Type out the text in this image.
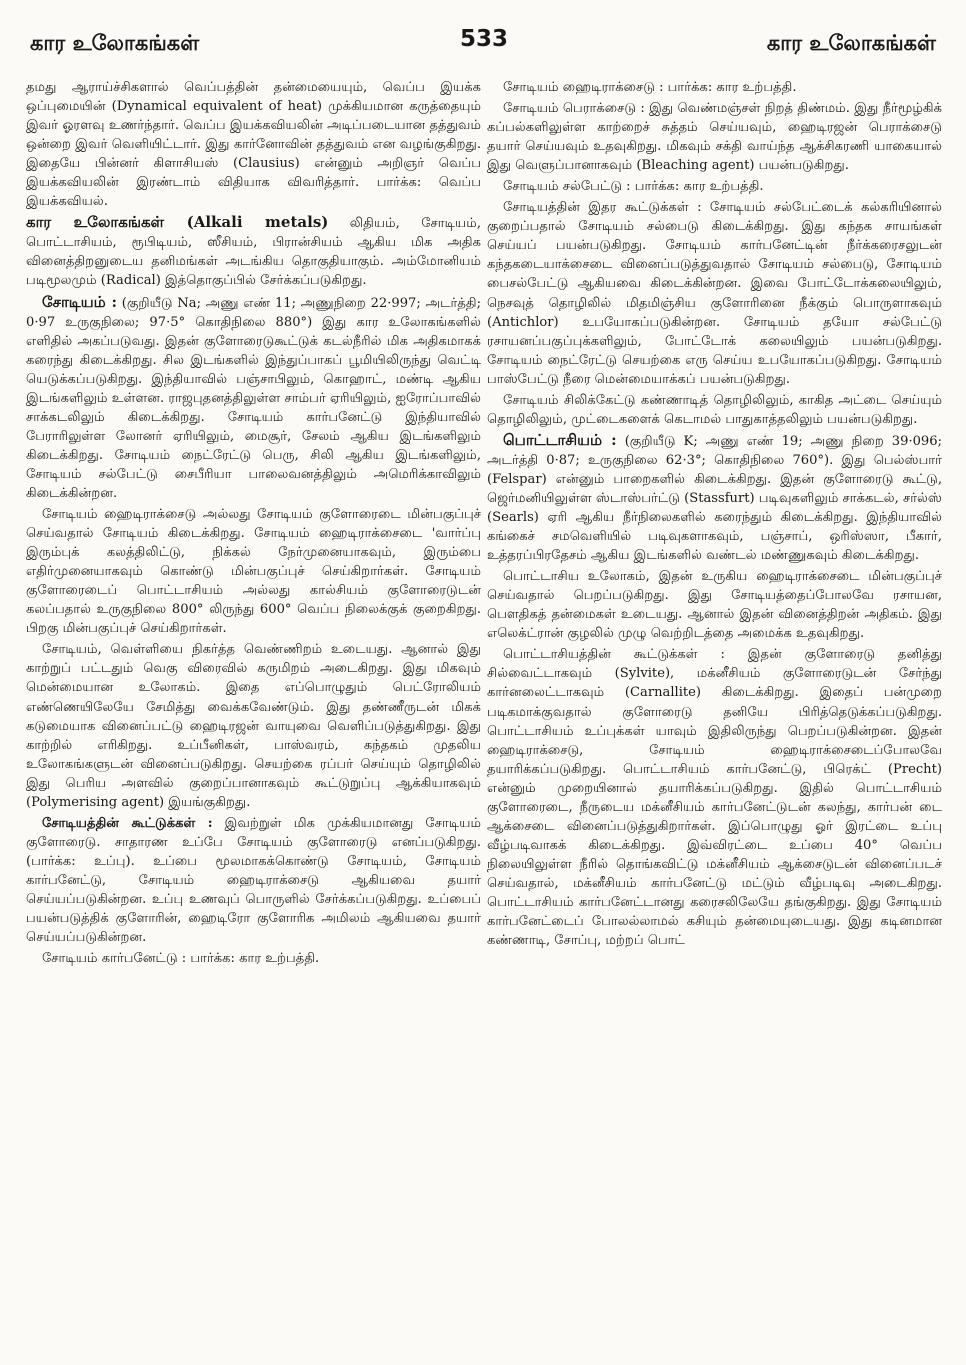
கார உலோகங்கள்	533	கார உலோகங்கள்

தமது ஆராய்ச்சிகளால் வெப்பத்தின் தன்மையையும், வெப்ப இயக்க ஒப்புமையின் (Dynamical equivalent of heat) முக்கியமான கருத்தையும் இவர் ஓரளவு உணர்ந்தார். வெப்ப இயக்கவியலின் அடிப்படையான தத்துவம் ஒன்றை இவர் வெளியிட்டார். இது கார்னோவின் தத்துவம் என வழங்குகிறது. இதையே பின்னர் கிளாசியஸ் (Clausius) என்னும் அறிஞர் வெப்ப இயக்கவியலின் இரண்டாம் விதியாக விவரித்தார். பார்க்க: வெப்ப இயக்கவியல்.

கார உலோகங்கள் (Alkali metals) லிதியம், சோடியம், பொட்டாசியம், ரூபிடியம், ஸீசியம், பிரான்சியம் ஆகிய மிக அதிக வினைத்திறனுடைய தனிமங்கள் அடங்கிய தொகுதியாகும். அம்மோனியம் படிமூலமும் (Radical) இத்தொகுப்பில் சேர்க்கப்படுகிறது.

சோடியம் : (குறியீடு Na; அணு எண் 11; அணுநிறை 22·997; அடர்த்தி; 0·97 உருகுநிலை; 97·5° கொதிநிலை 880°) இது கார உலோகங்களில் எளிதில் அகப்படுவது. இதன் குளோரைடுகூட்டுக் கடல்நீரில் மிக அதிகமாகக் கரைந்து கிடைக்கிறது. சில இடங்களில் இந்துப்பாகப் பூமியிலிருந்து வெட்டி யெடுக்கப்படுகிறது. இந்தியாவில் பஞ்சாபிலும், கொஹாட், மண்டி ஆகிய இடங்களிலும் உள்ளன. ராஜபுதனத்திலுள்ள சாம்பர் ஏரியிலும், ஐரோப்பாவில் சாக்கடலிலும் கிடைக்கிறது. சோடியம் கார்பனேட்டு இந்தியாவில் பேராரிலுள்ள லோனர் ஏரியிலும், மைசூர், சேலம் ஆகிய இடங்களிலும் கிடைக்கிறது. சோடியம் நைட்ரேட்டு பெரு, சிலி ஆகிய இடங்களிலும், சோடியம் சல்பேட்டு சைபீரியா பாலைவனத்திலும் அமெரிக்காவிலும் கிடைக்கின்றன.

சோடியம் ஹைடிராக்சைடு அல்லது சோடியம் குளோரைடை மின்பகுப்புச் செய்வதால் சோடியம் கிடைக்கிறது. சோடியம் ஹைடிராக்சைடை 'வார்ப்பு இரும்புக் கலத்திலிட்டு, நிக்கல் நேர்முனையாகவும், இரும்பை எதிர்முனையாகவும் கொண்டு மின்பகுப்புச் செய்கிறார்கள். சோடியம் குளோரைடைப் பொட்டாசியம் அல்லது கால்சியம் குளோரைடுடன் கலப்பதால் உருகுநிலை 800° லிருந்து 600° வெப்ப நிலைக்குக் குறைகிறது. பிறகு மின்பகுப்புச் செய்கிறார்கள்.

சோடியம், வெள்ளியை நிகர்த்த வெண்ணிறம் உடையது. ஆனால் இது காற்றுப் பட்டதும் வெகு விரைவில் கருமிறம் அடைகிறது. இது மிகவும் மென்மையான உலோகம். இதை எப்பொழுதும் பெட்ரோலியம் எண்ணெயிலேயே சேமித்து வைக்கவேண்டும். இது தண்ணீருடன் மிகக் கடுமையாக வினைப்பட்டு ஹைடிரஜன் வாயுவை வெளிப்படுத்துகிறது. இது காற்றில் எரிகிறது. உப்பீனிகள், பாஸ்வரம், கந்தகம் முதலிய உலோகங்களுடன் வினைப்படுகிறது. செயற்கை ரப்பர் செய்யும் தொழிலில் இது பெரிய அளவில் குறைப்பானாகவும் கூட்டுறுப்பு ஆக்கியாகவும் (Polymerising agent) இயங்குகிறது.

சோடியத்தின் கூட்டுக்கள் : இவற்றுள் மிக முக்கியமானது சோடியம் குளோரைடு. சாதாரண உப்பே சோடியம் குளோரைடு எனப்படுகிறது. (பார்க்க: உப்பு). உப்பை மூலமாகக்கொண்டு சோடியம், சோடியம் கார்பனேட்டு, சோடியம் ஹைடிராக்சைடு ஆகியவை தயார் செய்யப்படுகின்றன. உப்பு உணவுப் பொருளில் சேர்க்கப்படுகிறது. உப்பைப் பயன்படுத்திக் குளோரின், ஹைடிரோ குளோரிக அமிலம் ஆகியவை தயார் செய்யப்படுகின்றன.

சோடியம் கார்பனேட்டு : பார்க்க: கார உற்பத்தி.

சோடியம் ஹைடிராக்சைடு : பார்க்க: கார உற்பத்தி.

சோடியம் பெராக்சைடு : இது வெண்மஞ்சள் நிறத் திண்மம். இது நீர்மூழ்கிக் கப்பல்களிலுள்ள காற்றைச் சுத்தம் செய்யவும், ஹைடிரஜன் பெராக்சைடு தயார் செய்யவும் உதவுகிறது. மிகவும் சக்தி வாய்ந்த ஆக்சிகரணி யாகையால் இது வெளுப்பானாகவும் (Bleaching agent) பயன்படுகிறது.

சோடியம் சல்பேட்டு : பார்க்க: கார உற்பத்தி.

சோடியத்தின் இதர கூட்டுக்கள் : சோடியம் சல்பேட்டைக் கல்கரியினால் குறைப்பதால் சோடியம் சல்பைடு கிடைக்கிறது. இது கந்தக சாயங்கள் செய்யப் பயன்படுகிறது. சோடியம் கார்பனேட்டின் நீர்க்கரைசலுடன் கந்தகடையாக்சைடை வினைப்படுத்துவதால் சோடியம் சல்பைடு, சோடியம் பைசல்பேட்டு ஆகியவை கிடைக்கின்றன. இவை போட்டோக்கலையிலும், நெசவுத் தொழிலில் மிதமிஞ்சிய குளோரினை நீக்கும் பொருளாகவும் (Antichlor) உபயோகப்படுகின்றன. சோடியம் தயோ சல்பேட்டு ரசாயனப்பகுப்புக்களிலும், போட்டோக் கலையிலும் பயன்படுகிறது. சோடியம் நைட்ரேட்டு செயற்கை எரு செய்ய உபயோகப்படுகிறது. சோடியம் பாஸ்பேட்டு நீரை மென்மையாக்கப் பயன்படுகிறது.

சோடியம் சிலிக்கேட்டு கண்ணாடித் தொழிலிலும், காகித அட்டை செய்யும் தொழிலிலும், முட்டைகளைக் கெடாமல் பாதுகாத்தலிலும் பயன்படுகிறது.

பொட்டாசியம் : (குறியீடு K; அணு எண் 19; அணு நிறை 39·096; அடர்த்தி 0·87; உருகுநிலை 62·3°; கொதிநிலை 760°). இது பெல்ஸ்பார் (Felspar) என்னும் பாறைகளில் கிடைக்கிறது. இதன் குளோரைடு கூட்டு, ஜெர்மனியிலுள்ள ஸ்டாஸ்பர்ட்டு (Stassfurt) படிவுகளிலும் சாக்கடல், சர்ல்ஸ் (Searls) ஏரி ஆகிய நீர்நிலைகளில் கரைந்தும் கிடைக்கிறது. இந்தியாவில் கங்கைச் சமவெளியில் படிவுகளாகவும், பஞ்சாப், ஒரிஸ்ஸா, பீகார், உத்தரப்பிரதேசம் ஆகிய இடங்களில் வண்டல் மண்ணுகவும் கிடைக்கிறது.

பொட்டாசிய உலோகம், இதன் உருகிய ஹைடிராக்சைடை மின்பகுப்புச் செய்வதால் பெறப்படுகிறது. இது சோடியத்தைப்போலவே ரசாயன, பௌதிகத் தன்மைகள் உடையது. ஆனால் இதன் வினைத்திறன் அதிகம். இது எலெக்ட்ரான் குழலில் முழு வெற்றிடத்தை அமைக்க உதவுகிறது.

பொட்டாசியத்தின் கூட்டுக்கள் : இதன் குளோரைடு தனித்து சில்வைட்டாகவும் (Sylvite), மக்னீசியம் குளோரைடுடன் சேர்ந்து கார்னலைட்டாகவும் (Carnallite) கிடைக்கிறது. இதைப் பன்முறை படிகமாக்குவதால் குளோரைடு தனியே பிரித்தெடுக்கப்படுகிறது. பொட்டாசியம் உப்புக்கள் யாவும் இதிலிருந்து பெறப்படுகின்றன. இதன் ஹைடிராக்சைடு, சோடியம் ஹைடிராக்சைடைப்போலவே தயாரிக்கப்படுகிறது. பொட்டாசியம் கார்பனேட்டு, பிரெக்ட் (Precht) என்னும் முறையினால் தயாரிக்கப்படுகிறது. இதில் பொட்டாசியம் குளோரைடை, நீருடைய மக்னீசியம் கார்பனேட்டுடன் கலந்து, கார்பன் டை ஆக்சைடை வினைப்படுத்துகிறார்கள். இப்பொழுது ஓர் இரட்டை உப்பு வீழ்படிவாகக் கிடைக்கிறது. இவ்விரட்டை உப்பை 40° வெப்ப நிலையிலுள்ள நீரில் தொங்கவிட்டு மக்னீசியம் ஆக்சைடுடன் வினைப்படச் செய்வதால், மக்னீசியம் கார்பனேட்டு மட்டும் வீழ்படிவு அடைகிறது. பொட்டாசியம் கார்பனேட்டானது கரைசலிலேயே தங்குகிறது. இது சோடியம் கார்பனேட்டைப் போலல்லாமல் கசியும் தன்மையுடையது. இது கடினமான கண்ணாடி, சோப்பு, மற்றப் பொட்
